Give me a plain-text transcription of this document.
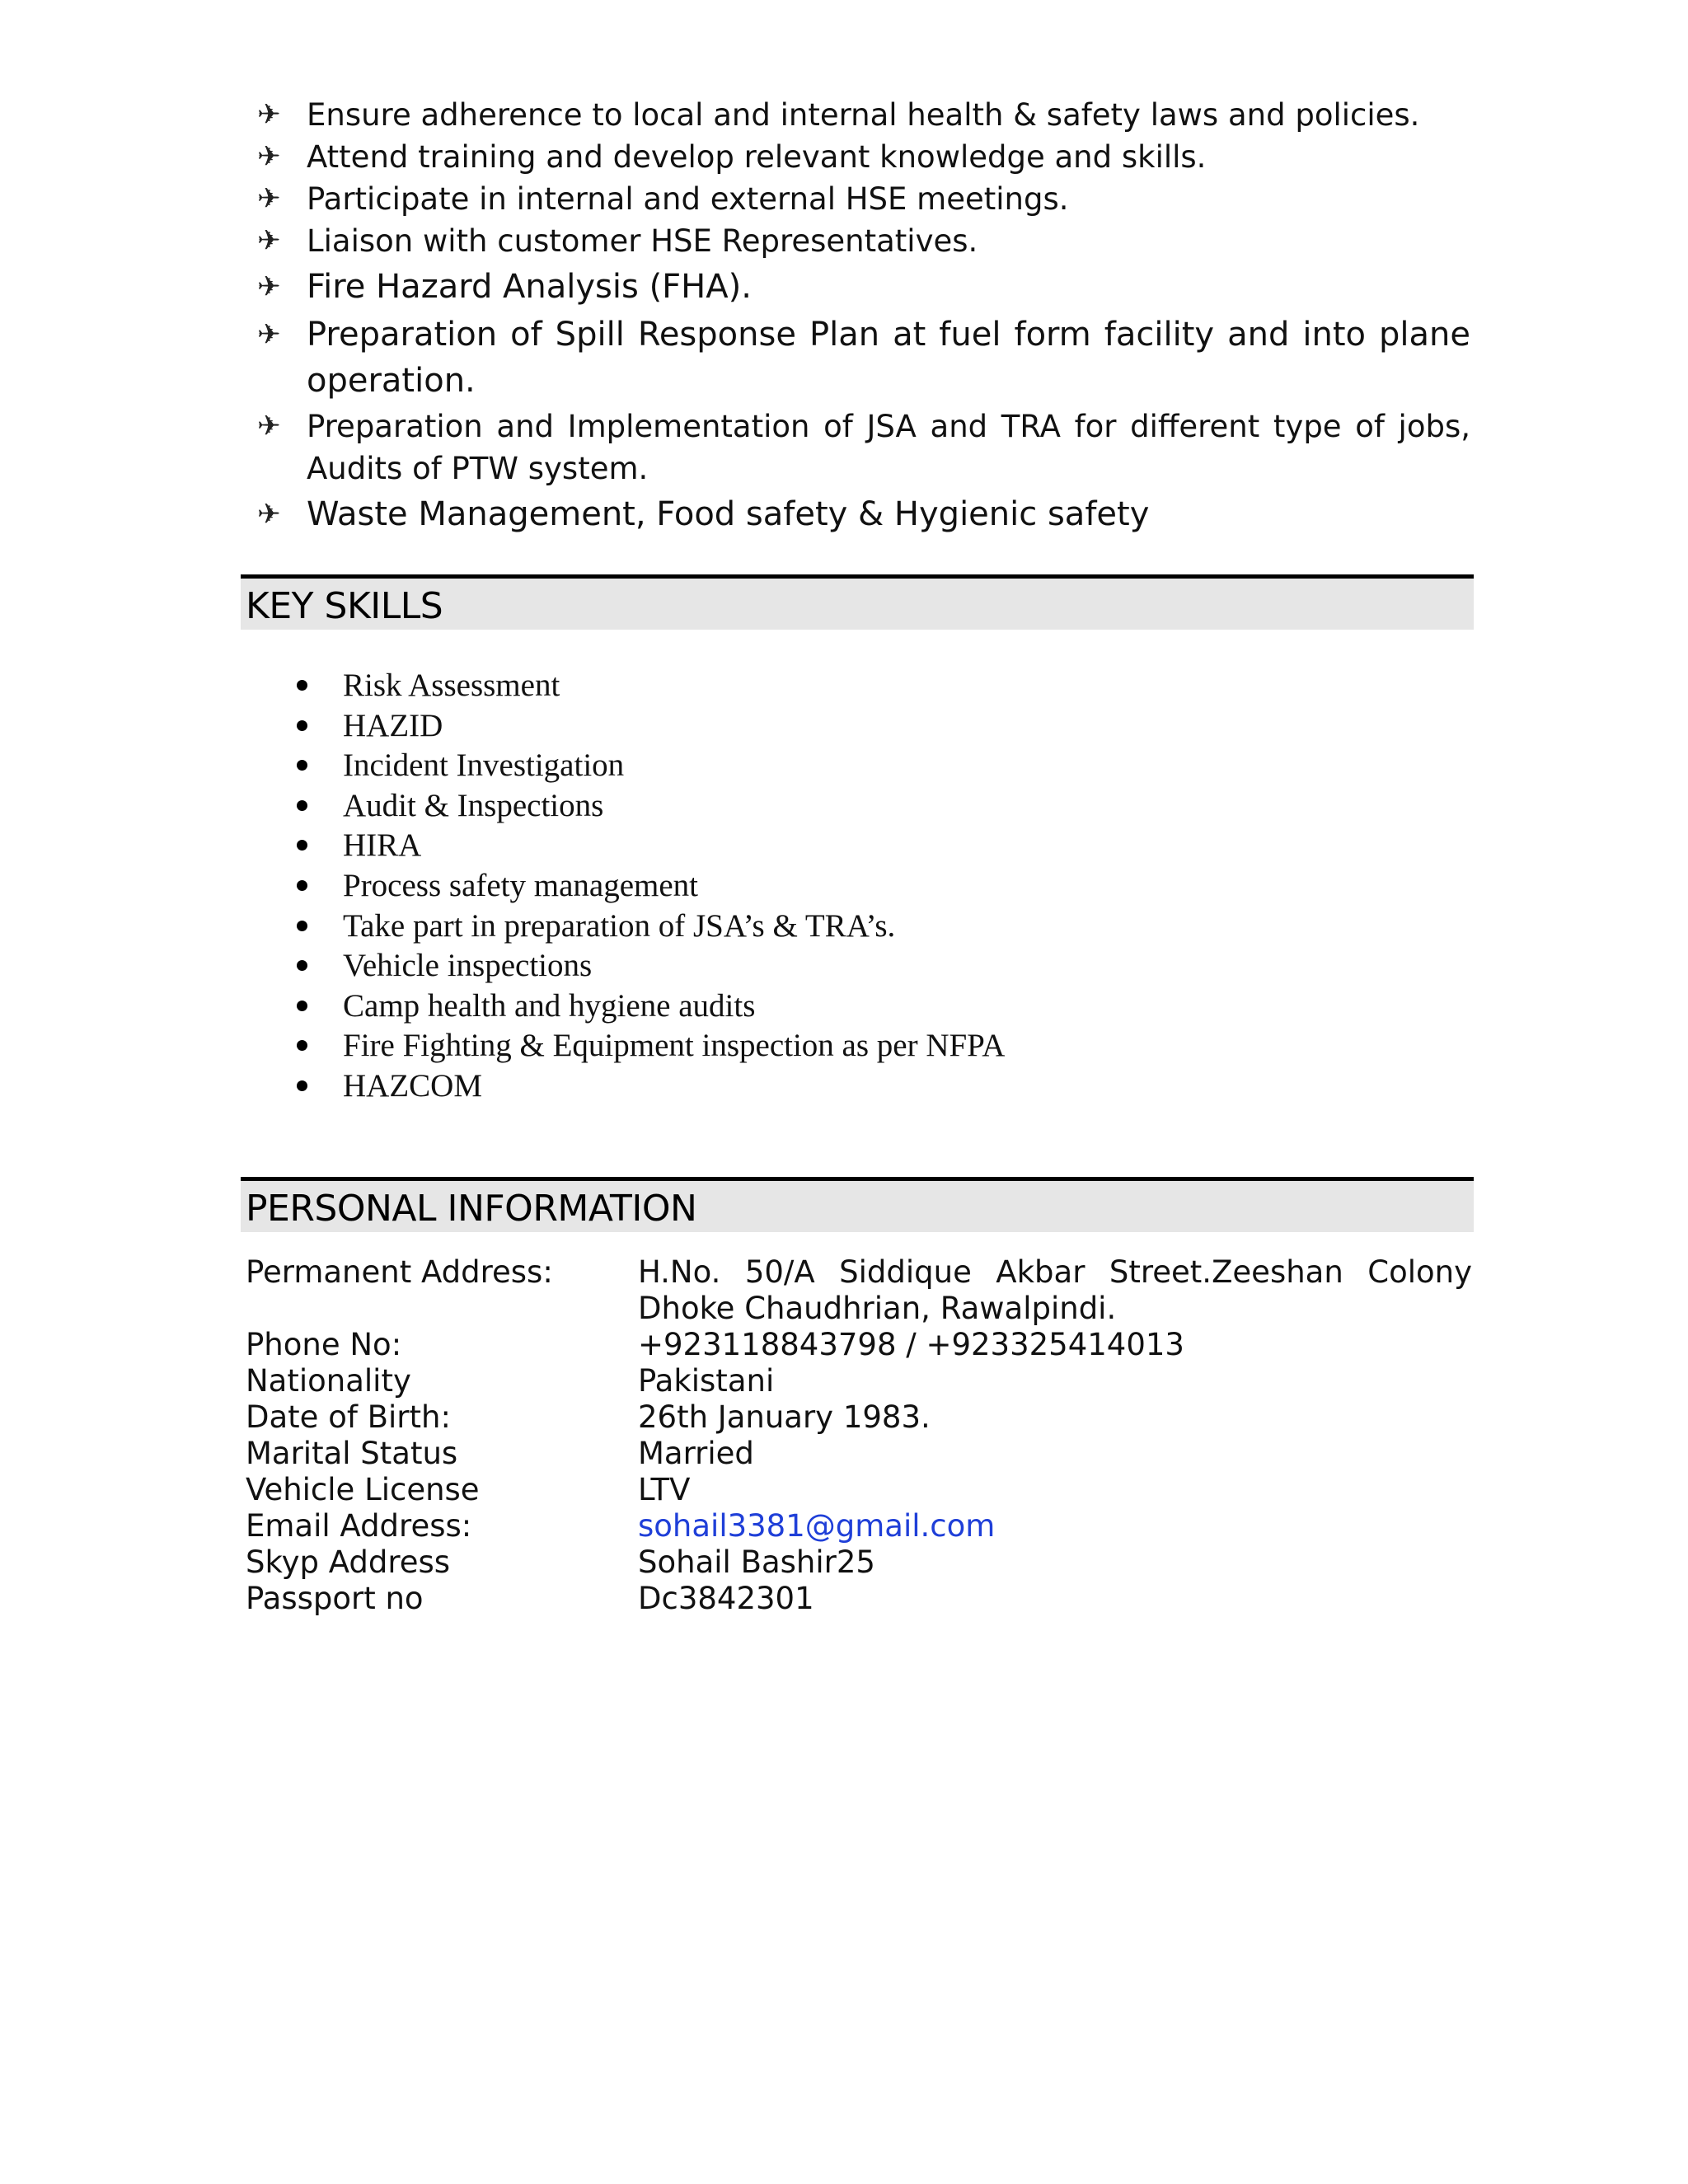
✈ Ensure adherence to local and internal health & safety laws and policies.
✈ Attend training and develop relevant knowledge and skills.
✈ Participate in internal and external HSE meetings.
✈ Liaison with customer HSE Representatives.
✈ Fire Hazard Analysis (FHA).
✈ Preparation of Spill Response Plan at fuel form facility and into plane operation.
✈ Preparation and Implementation of JSA and TRA for different type of jobs, Audits of PTW system.
✈ Waste Management, Food safety & Hygienic safety
KEY SKILLS
Risk Assessment
HAZID
Incident Investigation
Audit & Inspections
HIRA
Process safety management
Take part in preparation of JSA’s & TRA’s.
Vehicle inspections
Camp health and hygiene audits
Fire Fighting & Equipment inspection as per NFPA
HAZCOM
PERSONAL INFORMATION
Permanent Address:	H.No. 50/A Siddique Akbar Street.Zeeshan Colony
Dhoke Chaudhrian, Rawalpindi.
Phone No:	+923118843798 / +923325414013
Nationality	Pakistani
Date of Birth:	26th January 1983.
Marital Status	Married
Vehicle License	LTV
Email Address:	sohail3381@gmail.com
Skyp Address	Sohail Bashir25
Passport no	Dc3842301
